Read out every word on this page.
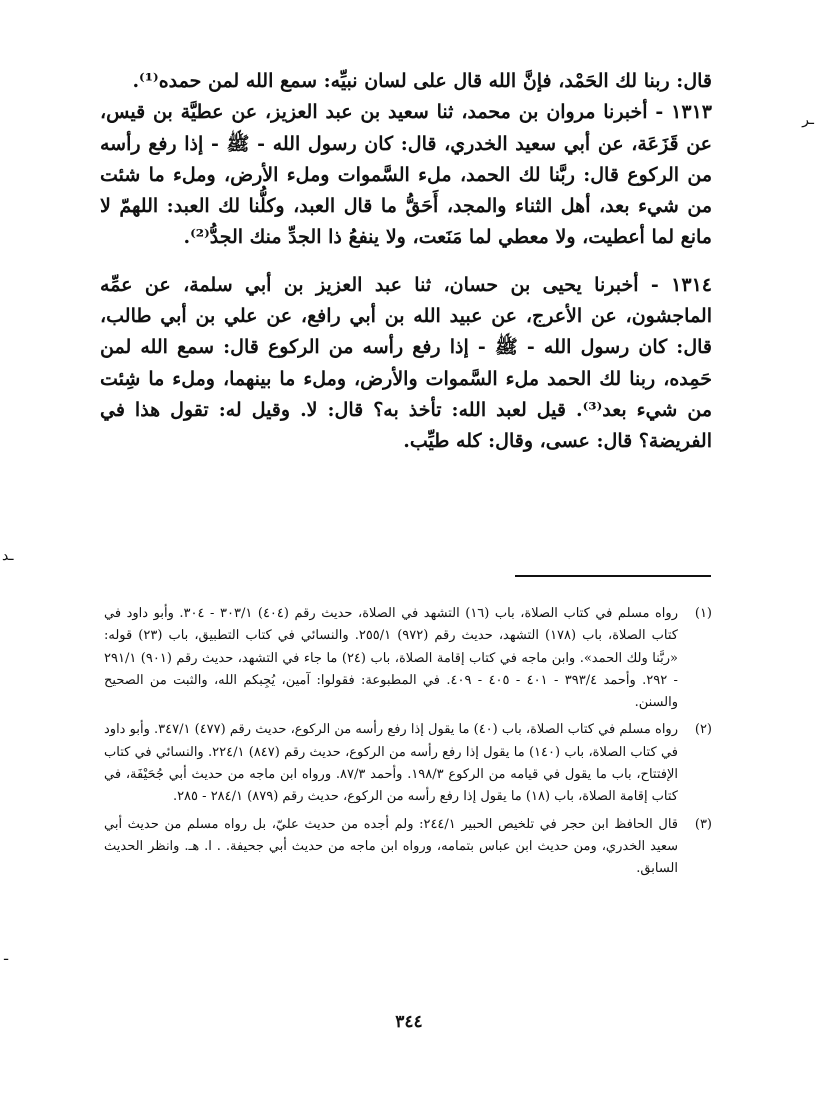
قال: ربنا لك الحَمْد، فإنَّ الله قال على لسان نبيِّه: سمع الله لمن حمده⁽¹⁾.

١٣١٣ - أخبرنا مروان بن محمد، ثنا سعيد بن عبد العزيز، عن عطيَّة بن قيس، عن قَزَعَة، عن أبي سعيد الخدري، قال: كان رسول الله - ﷺ - إذا رفع رأسه من الركوع قال: ربَّنا لك الحمد، ملء السَّموات وملء الأرض، وملء ما شئت من شيء بعد، أهل الثناء والمجد، أَحَقُّ ما قال العبد، وكلُّنا لك العبد: اللهمّ لا مانع لما أعطيت، ولا معطي لما مَنَعت، ولا ينفعُ ذا الجدِّ منك الجدُّ⁽²⁾.

١٣١٤ - أخبرنا يحيى بن حسان، ثنا عبد العزيز بن أبي سلمة، عن عمِّه الماجشون، عن الأعرج، عن عبيد الله بن أبي رافع، عن علي بن أبي طالب، قال: كان رسول الله - ﷺ - إذا رفع رأسه من الركوع قال: سمع الله لمن حَمِده، ربنا لك الحمد ملء السَّموات والأرض، وملء ما بينهما، وملء ما شِئت من شيء بعد⁽³⁾. قيل لعبد الله: تأخذ به؟ قال: لا. وقيل له: تقول هذا في الفريضة؟ قال: عسى، وقال: كله طيِّب.

(١)
رواه مسلم في كتاب الصلاة، باب (١٦) التشهد في الصلاة، حديث رقم (٤٠٤) ٣٠٣/١ - ٣٠٤. وأبو داود في كتاب الصلاة، باب (١٧٨) التشهد، حديث رقم (٩٧٢) ٢٥٥/١. والنسائي في كتاب التطبيق، باب (٢٣) قوله: «ربَّنا ولك الحمد». وابن ماجه في كتاب إقامة الصلاة، باب (٢٤) ما جاء في التشهد، حديث رقم (٩٠١) ٢٩١/١ - ٢٩٢. وأحمد ٣٩٣/٤ - ٤٠١ - ٤٠٥ - ٤٠٩. في المطبوعة: فقولوا: آمين، يُجِبكم الله، والثبت من الصحيح والسنن.
(٢)
رواه مسلم في كتاب الصلاة، باب (٤٠) ما يقول إذا رفع رأسه من الركوع، حديث رقم (٤٧٧) ٣٤٧/١. وأبو داود في كتاب الصلاة، باب (١٤٠) ما يقول إذا رفع رأسه من الركوع، حديث رقم (٨٤٧) ٢٢٤/١. والنسائي في كتاب الإفتتاح، باب ما يقول في قيامه من الركوع ١٩٨/٣. وأحمد ٨٧/٣. ورواه ابن ماجه من حديث أبي جُحَيْفَة، في كتاب إقامة الصلاة، باب (١٨) ما يقول إذا رفع رأسه من الركوع، حديث رقم (٨٧٩) ٢٨٤/١ - ٢٨٥.
(٣)
قال الحافظ ابن حجر في تلخيص الحبير ٢٤٤/١: ولم أجده من حديث عليّ، بل رواه مسلم من حديث أبي سعيد الخدري، ومن حديث ابن عباس بتمامه، ورواه ابن ماجه من حديث أبي جحيفة. . ا. هـ. وانظر الحديث السابق.
٣٤٤
ـر
ـد
ـ
